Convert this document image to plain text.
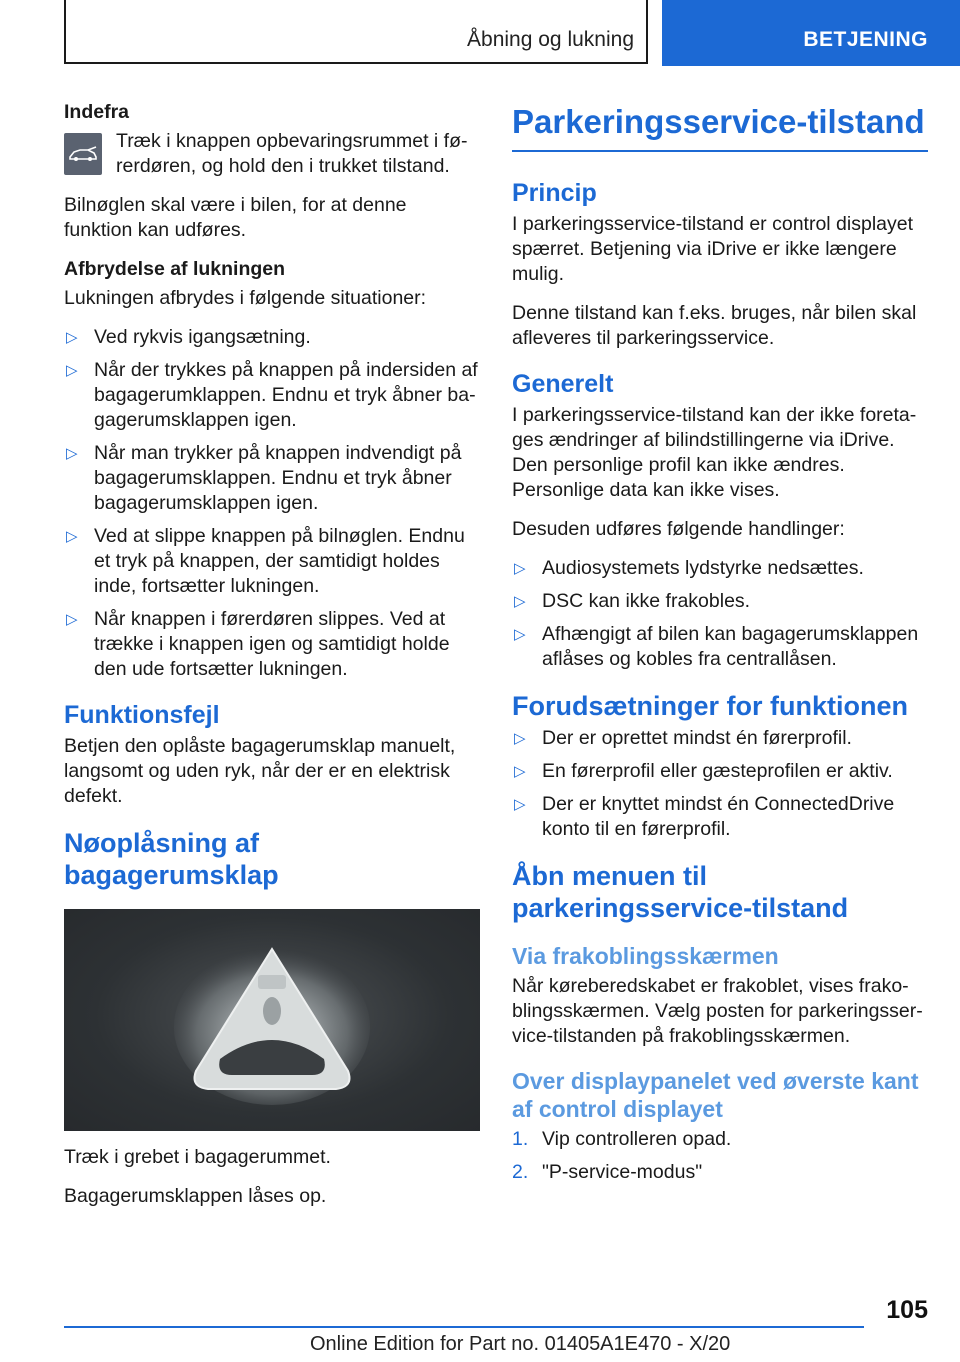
Åbning og lukning	BETJENING
Indefra

Træk i knappen opbevaringsrummet i førerdøren, og hold den i trukket tilstand.

Bilnøglen skal være i bilen, for at denne funktion kan udføres.

Afbrydelse af lukningen

Lukningen afbrydes i følgende situationer:

▷ Ved rykvis igangsætning.
▷ Når der trykkes på knappen på indersiden af bagagerumklappen. Endnu et tryk åbner bagagerumsklappen igen.
▷ Når man trykker på knappen indvendigt på bagagerumsklappen. Endnu et tryk åbner bagagerumsklappen igen.
▷ Ved at slippe knappen på bilnøglen. Endnu et tryk på knappen, der samtidigt holdes inde, fortsætter lukningen.
▷ Når knappen i førerdøren slippes. Ved at trække i knappen igen og samtidigt holde den ude fortsætter lukningen.
Funktionsfejl

Betjen den oplåste bagagerumsklap manuelt, langsomt og uden ryk, når der er en elektrisk defekt.

Nøoplåsning af bagagerumsklap

Træk i grebet i bagagerummet.

Bagagerumsklappen låses op.

Parkeringsservice-tilstand
Princip

I parkeringsservice-tilstand er control displayet spærret. Betjening via iDrive er ikke længere mulig.

Denne tilstand kan f.eks. bruges, når bilen skal afleveres til parkeringsservice.

Generelt

I parkeringsservice-tilstand kan der ikke foretages ændringer af bilindstillingerne via iDrive. Den personlige profil kan ikke ændres. Personlige data kan ikke vises.

Desuden udføres følgende handlinger:

▷ Audiosystemets lydstyrke nedsættes.
▷ DSC kan ikke frakobles.
▷ Afhængigt af bilen kan bagagerumsklappen aflåses og kobles fra centrallåsen.
Forudsætninger for funktionen
▷ Der er oprettet mindst én førerprofil.
▷ En førerprofil eller gæsteprofilen er aktiv.
▷ Der er knyttet mindst én ConnectedDrive konto til en førerprofil.
Åbn menuen til parkeringsservice-tilstand
Via frakoblingsskærmen

Når køreberedskabet er frakoblet, vises frakoblingsskærmen. Vælg posten for parkeringsservice-tilstanden på frakoblingsskærmen.

Over displaypanelet ved øverste kant af control displayet
1. Vip controlleren opad.
2. "P-service-modus"
105
Online Edition for Part no. 01405A1E470 - X/20
